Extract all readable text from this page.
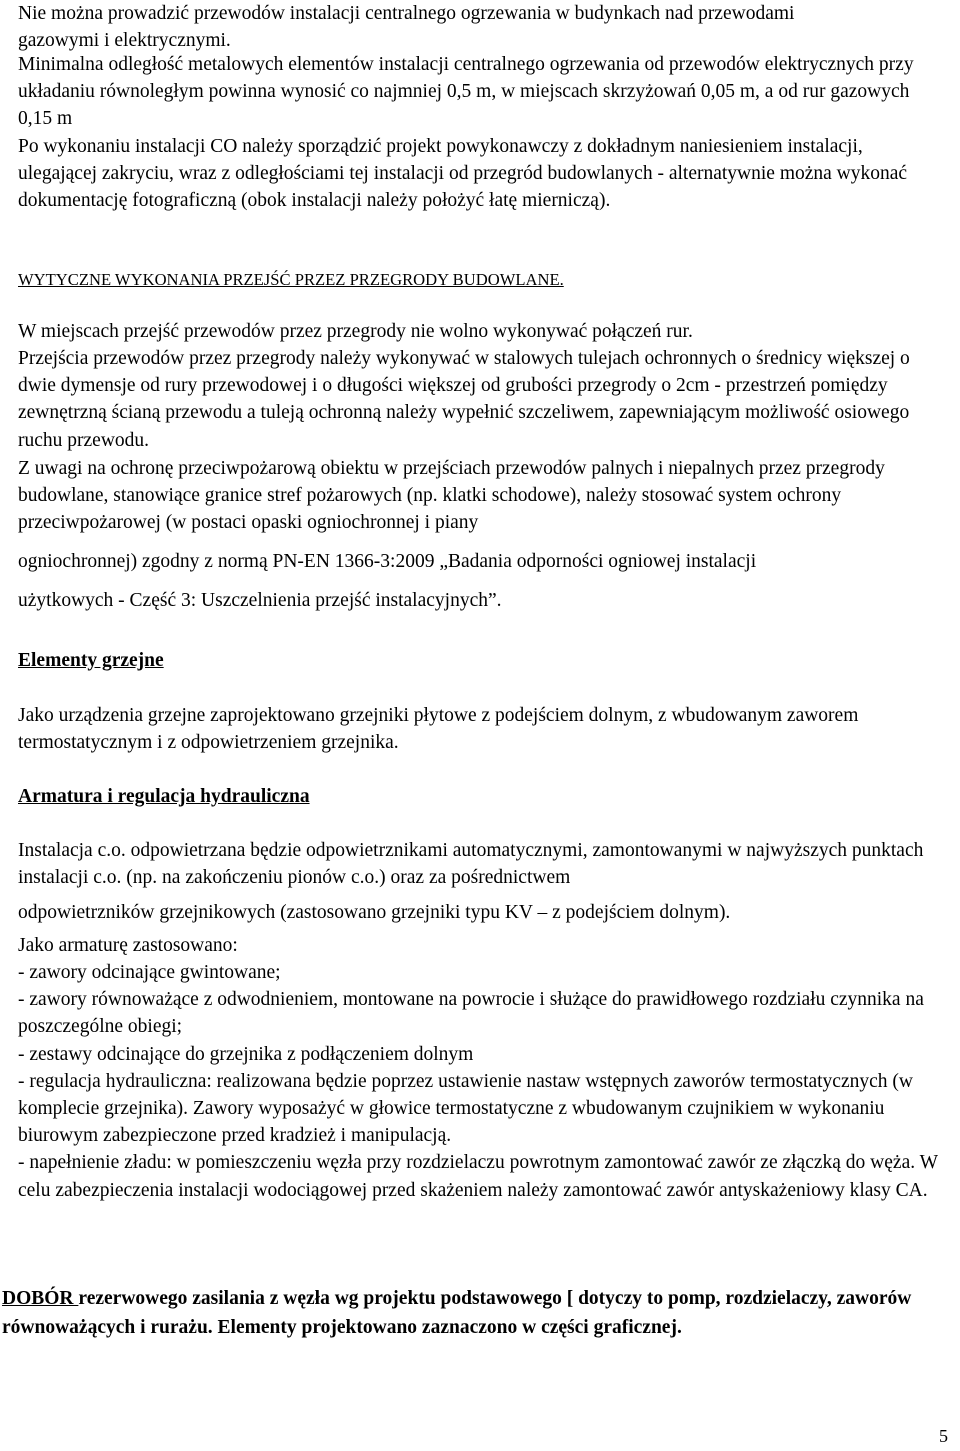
Nie można prowadzić przewodów instalacji centralnego ogrzewania w budynkach nad przewodami

gazowymi i elektrycznymi.

Minimalna odległość metalowych elementów instalacji centralnego ogrzewania od przewodów elektrycznych przy układaniu równoległym powinna wynosić co najmniej 0,5 m, w miejscach skrzyżowań 0,05 m, a od rur gazowych 0,15 m

Po wykonaniu instalacji CO należy sporządzić projekt powykonawczy z dokładnym naniesieniem instalacji, ulegającej zakryciu, wraz z odległościami tej instalacji od przegród budowlanych - alternatywnie można wykonać dokumentację fotograficzną (obok instalacji należy położyć łatę mierniczą).

WYTYCZNE WYKONANIA PRZEJŚĆ PRZEZ PRZEGRODY BUDOWLANE.

W miejscach przejść przewodów przez przegrody nie wolno wykonywać połączeń rur.

Przejścia przewodów przez przegrody należy wykonywać w stalowych tulejach ochronnych o średnicy większej o dwie dymensje od rury przewodowej i o długości większej od grubości przegrody o 2cm - przestrzeń pomiędzy zewnętrzną ścianą przewodu a tuleją ochronną należy wypełnić szczeliwem, zapewniającym możliwość osiowego ruchu przewodu.

Z uwagi na ochronę przeciwpożarową obiektu w przejściach przewodów palnych i niepalnych przez przegrody budowlane, stanowiące granice stref pożarowych (np. klatki schodowe), należy stosować system ochrony przeciwpożarowej (w postaci opaski ogniochronnej i piany

ogniochronnej) zgodny z normą PN-EN 1366-3:2009 „Badania odporności ogniowej instalacji

użytkowych - Część 3: Uszczelnienia przejść instalacyjnych”.

Elementy grzejne

Jako urządzenia grzejne zaprojektowano grzejniki płytowe z podejściem dolnym, z wbudowanym zaworem termostatycznym i z odpowietrzeniem grzejnika.

Armatura i regulacja hydrauliczna

Instalacja c.o. odpowietrzana będzie odpowietrznikami automatycznymi, zamontowanymi w najwyższych punktach instalacji c.o. (np. na zakończeniu pionów c.o.) oraz za pośrednictwem

odpowietrzników grzejnikowych (zastosowano grzejniki typu KV – z podejściem dolnym).

Jako armaturę zastosowano:

- zawory odcinające gwintowane;

- zawory równoważące z odwodnieniem, montowane na powrocie i służące do prawidłowego rozdziału czynnika na poszczególne obiegi;

- zestawy odcinające do grzejnika z podłączeniem dolnym

- regulacja hydrauliczna: realizowana będzie poprzez ustawienie nastaw wstępnych zaworów termostatycznych (w komplecie grzejnika). Zawory wyposażyć w głowice termostatyczne z wbudowanym czujnikiem w wykonaniu biurowym zabezpieczone przed kradzież i manipulacją.

- napełnienie zładu: w pomieszczeniu węzła przy rozdzielaczu powrotnym zamontować zawór ze złączką do węża. W celu zabezpieczenia instalacji wodociągowej przed skażeniem należy zamontować zawór antyskażeniowy klasy CA.

DOBÓR rezerwowego zasilania z węzła wg projektu podstawowego [ dotyczy to pomp, rozdzielaczy, zaworów równoważących i rurażu. Elementy projektowano zaznaczono w części graficznej.

5
